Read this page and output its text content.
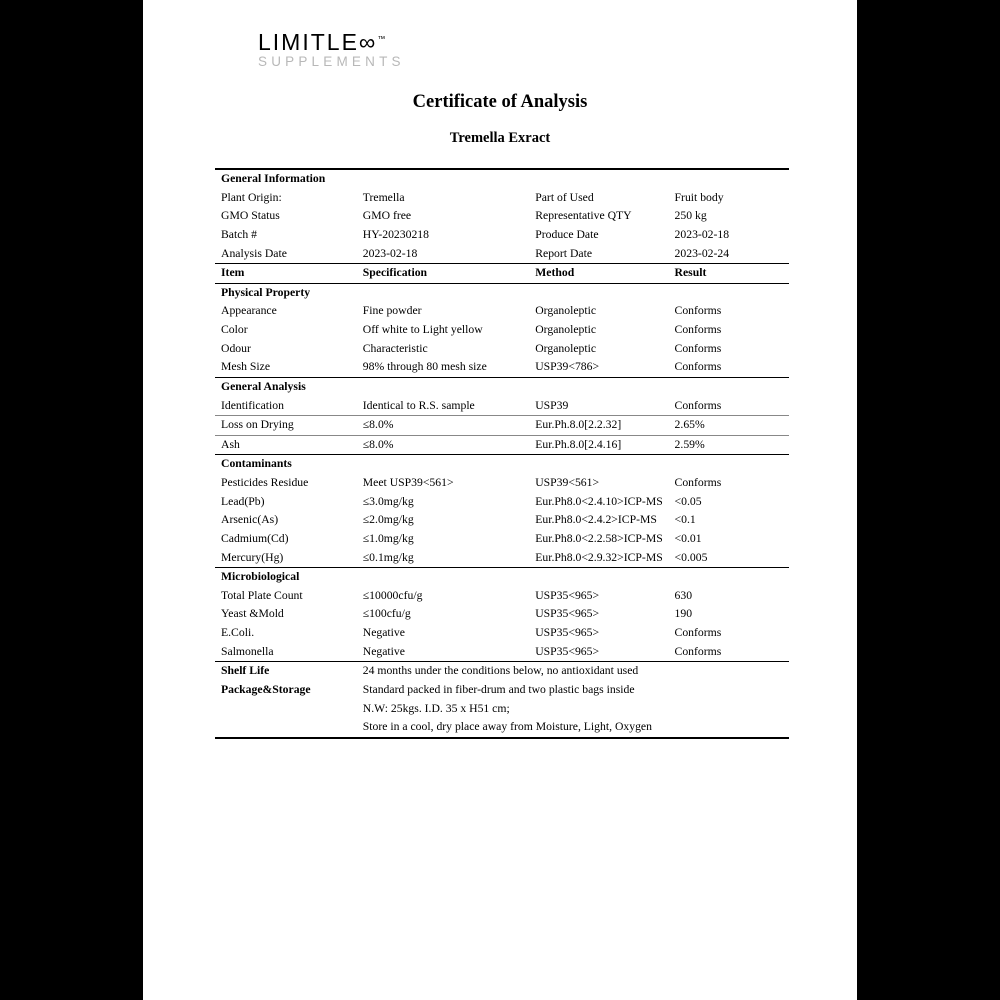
LIMITLE∞™
SUPPLEMENTS
Certificate of Analysis
Tremella Exract
General Information			
Plant Origin:	Tremella	Part of Used	Fruit body
GMO Status	GMO free	Representative QTY	250 kg
Batch #	HY-20230218	Produce Date	2023-02-18
Analysis Date	2023-02-18	Report Date	2023-02-24
Item	Specification	Method	Result
Physical Property			
Appearance	Fine powder	Organoleptic	Conforms
Color	Off white to Light yellow	Organoleptic	Conforms
Odour	Characteristic	Organoleptic	Conforms
Mesh Size	98% through 80 mesh size	USP39<786>	Conforms
General Analysis			
Identification	Identical to R.S. sample	USP39	Conforms
Loss on Drying	≤8.0%	Eur.Ph.8.0[2.2.32]	2.65%
Ash	≤8.0%	Eur.Ph.8.0[2.4.16]	2.59%
Contaminants			
Pesticides Residue	Meet USP39<561>	USP39<561>	Conforms
Lead(Pb)	≤3.0mg/kg	Eur.Ph8.0<2.4.10>ICP-MS	<0.05
Arsenic(As)	≤2.0mg/kg	Eur.Ph8.0<2.4.2>ICP-MS	<0.1
Cadmium(Cd)	≤1.0mg/kg	Eur.Ph8.0<2.2.58>ICP-MS	<0.01
Mercury(Hg)	≤0.1mg/kg	Eur.Ph8.0<2.9.32>ICP-MS	<0.005
Microbiological			
Total Plate Count	≤10000cfu/g	USP35<965>	630
Yeast &Mold	≤100cfu/g	USP35<965>	190
E.Coli.	Negative	USP35<965>	Conforms
Salmonella	Negative	USP35<965>	Conforms
Shelf Life	24 months under the conditions below, no antioxidant used		
Package&Storage	Standard packed in fiber-drum and two plastic bags inside		
	N.W: 25kgs. I.D. 35 x H51 cm;		
	Store in a cool, dry place away from Moisture, Light, Oxygen		
